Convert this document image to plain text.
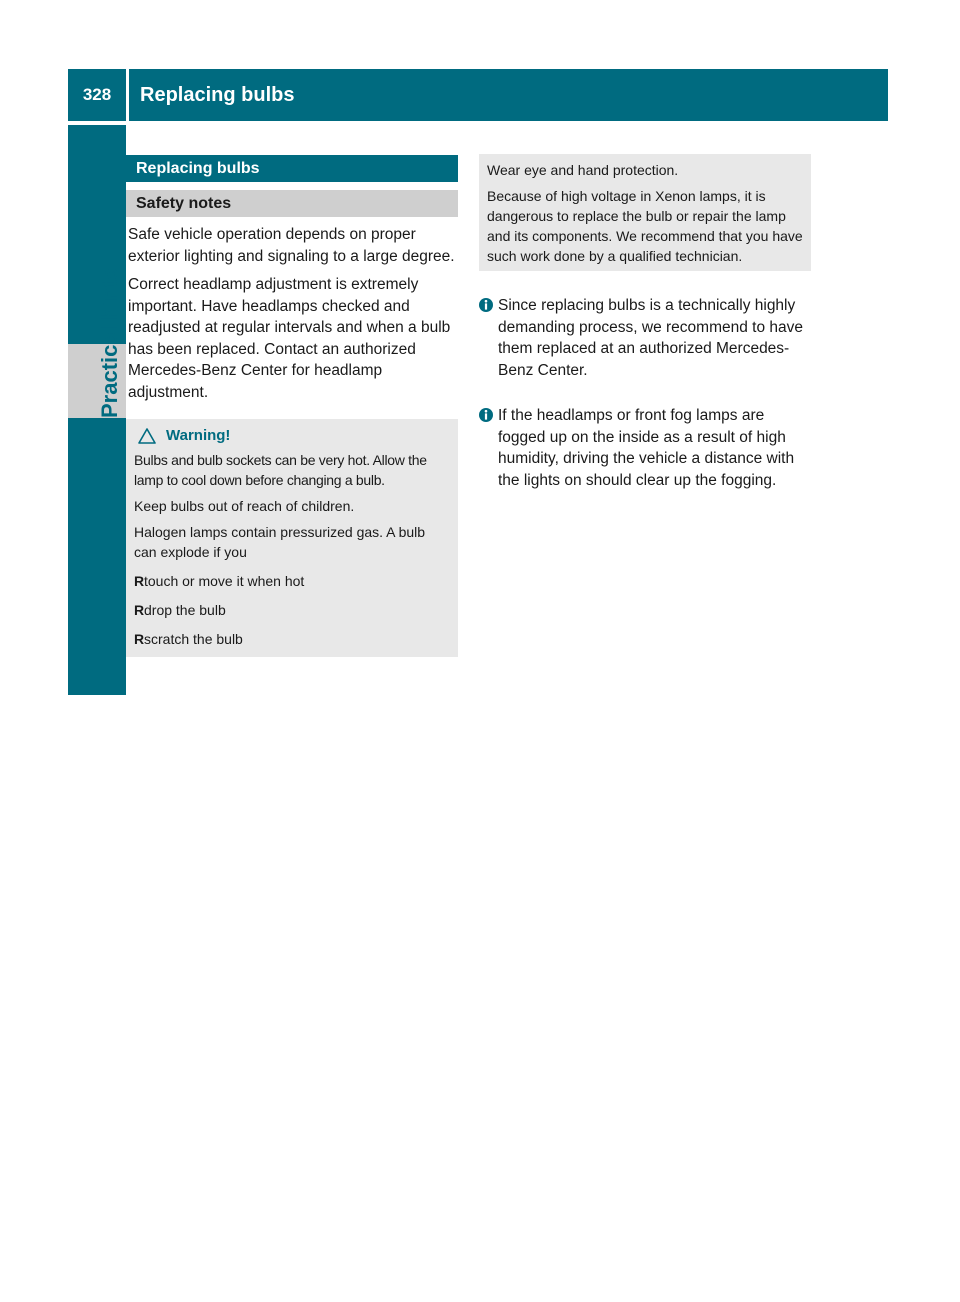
328	Replacing bulbs
Practical hints
Replacing bulbs
Safety notes

Safe vehicle operation depends on proper exterior lighting and signaling to a large degree.

Correct headlamp adjustment is extremely important. Have headlamps checked and readjusted at regular intervals and when a bulb has been replaced. Contact an authorized Mercedes-Benz Center for headlamp adjustment.

Warning!
Bulbs and bulb sockets can be very hot. Allow the lamp to cool down before changing a bulb.
Keep bulbs out of reach of children.
Halogen lamps contain pressurized gas. A bulb can explode if you
Rtouch or move it when hot
Rdrop the bulb
Rscratch the bulb
Wear eye and hand protection.
Because of high voltage in Xenon lamps, it is dangerous to replace the bulb or repair the lamp and its components. We recommend that you have such work done by a qualified technician.
Since replacing bulbs is a technically highly demanding process, we recommend to have them replaced at an authorized Mercedes-Benz Center.
If the headlamps or front fog lamps are fogged up on the inside as a result of high humidity, driving the vehicle a distance with the lights on should clear up the fogging.
